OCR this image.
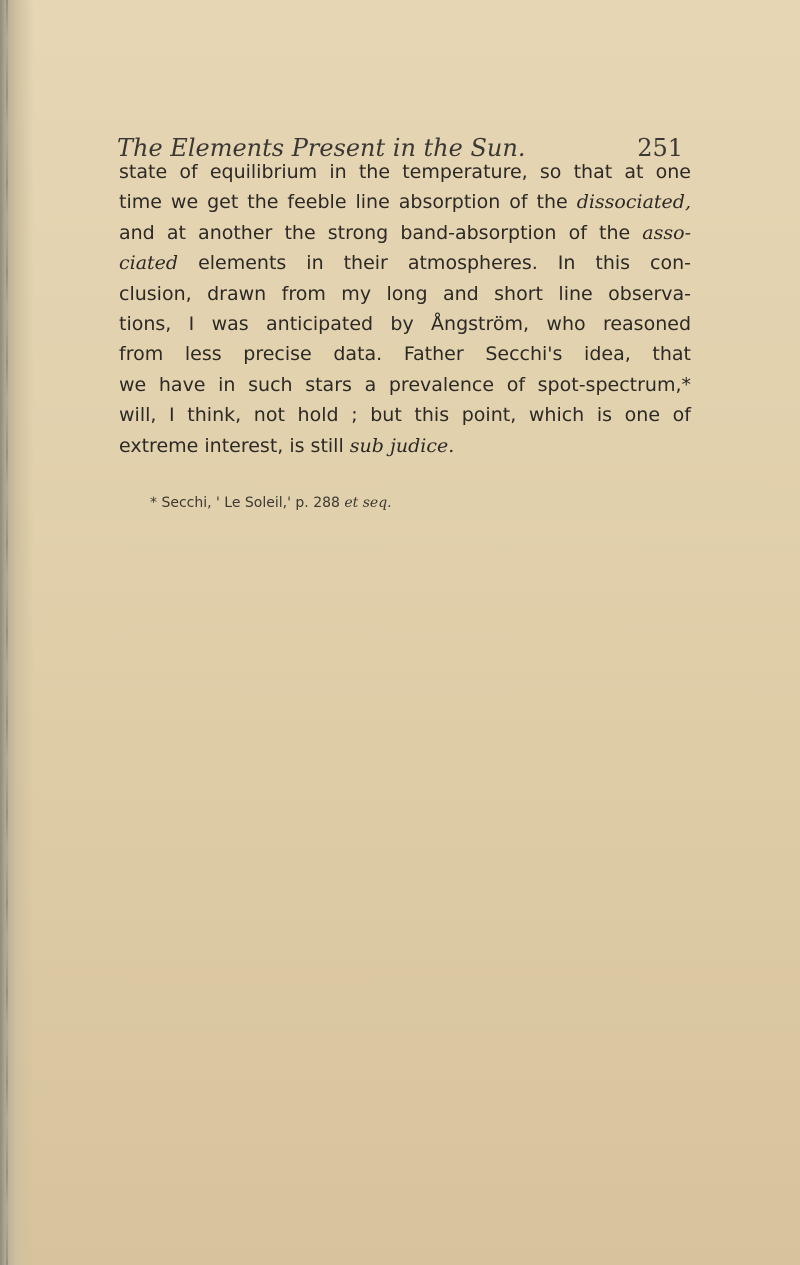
The Elements Present in the Sun.	251
state of equilibrium in the temperature, so that at one
time we get the feeble line absorption of the dissociated,
and at another the strong band-absorption of the asso-
ciated elements in their atmospheres. In this con-
clusion, drawn from my long and short line observa-
tions, I was anticipated by Ångström, who reasoned
from less precise data. Father Secchi's idea, that
we have in such stars a prevalence of spot-spectrum,*
will, I think, not hold ; but this point, which is one of
extreme interest, is still sub judice.
* Secchi, ' Le Soleil,' p. 288 et seq.
